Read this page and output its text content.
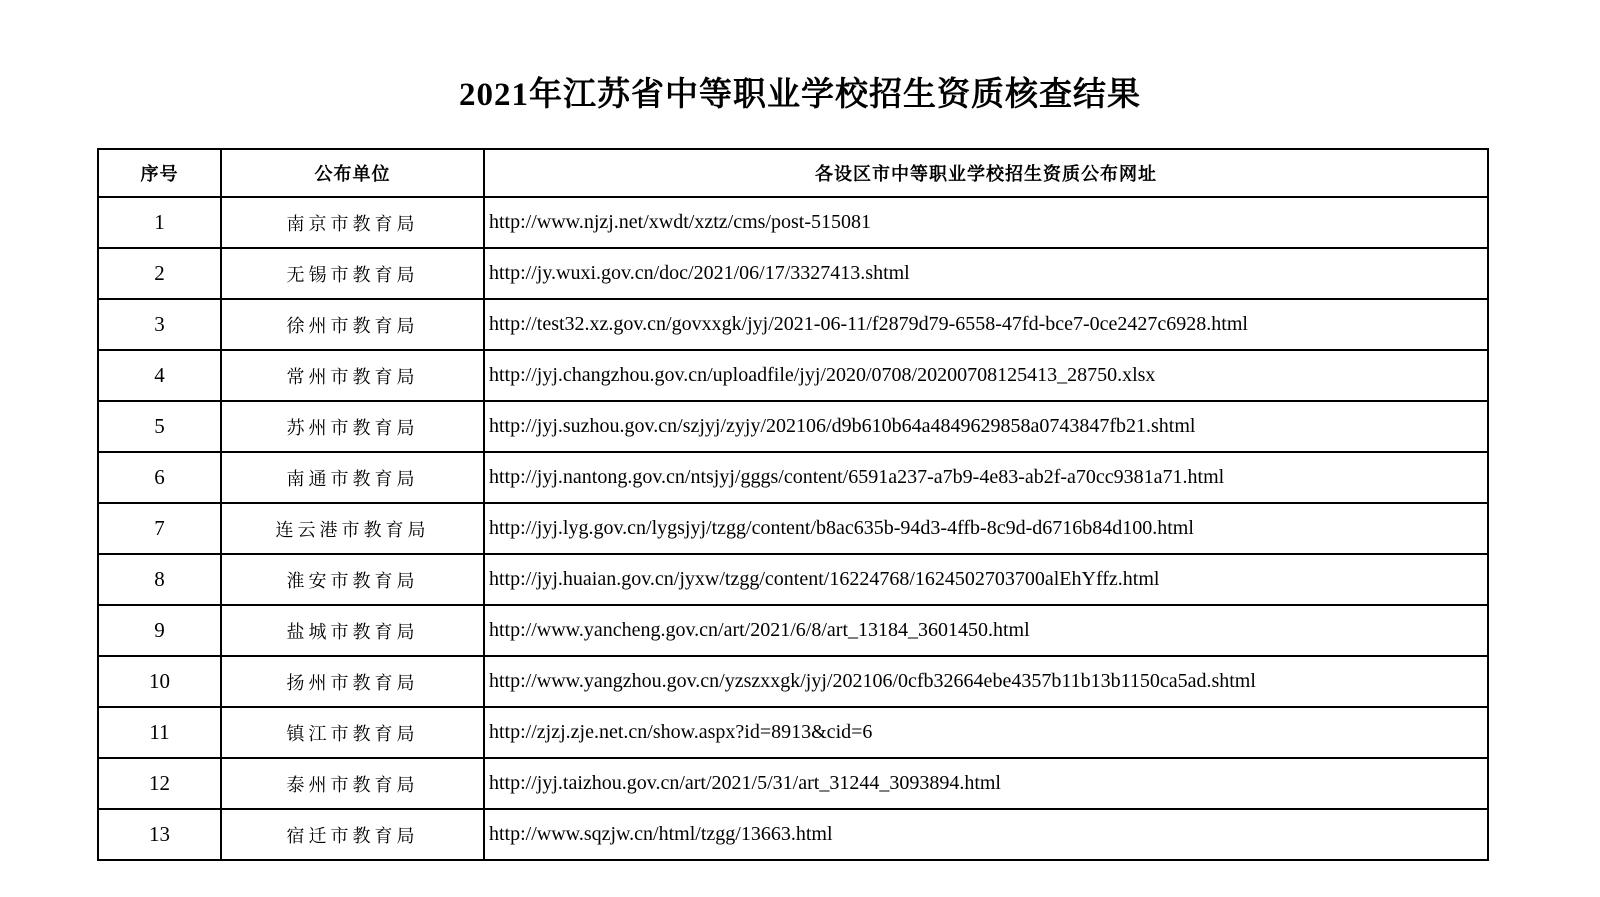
2021年江苏省中等职业学校招生资质核查结果
序号	公布单位	各设区市中等职业学校招生资质公布网址
1	南京市教育局	http://www.njzj.net/xwdt/xztz/cms/post-515081
2	无锡市教育局	http://jy.wuxi.gov.cn/doc/2021/06/17/3327413.shtml
3	徐州市教育局	http://test32.xz.gov.cn/govxxgk/jyj/2021-06-11/f2879d79-6558-47fd-bce7-0ce2427c6928.html
4	常州市教育局	http://jyj.changzhou.gov.cn/uploadfile/jyj/2020/0708/20200708125413_28750.xlsx
5	苏州市教育局	http://jyj.suzhou.gov.cn/szjyj/zyjy/202106/d9b610b64a4849629858a0743847fb21.shtml
6	南通市教育局	http://jyj.nantong.gov.cn/ntsjyj/gggs/content/6591a237-a7b9-4e83-ab2f-a70cc9381a71.html
7	连云港市教育局	http://jyj.lyg.gov.cn/lygsjyj/tzgg/content/b8ac635b-94d3-4ffb-8c9d-d6716b84d100.html
8	淮安市教育局	http://jyj.huaian.gov.cn/jyxw/tzgg/content/16224768/1624502703700alEhYffz.html
9	盐城市教育局	http://www.yancheng.gov.cn/art/2021/6/8/art_13184_3601450.html
10	扬州市教育局	http://www.yangzhou.gov.cn/yzszxxgk/jyj/202106/0cfb32664ebe4357b11b13b1150ca5ad.shtml
11	镇江市教育局	http://zjzj.zje.net.cn/show.aspx?id=8913&cid=6
12	泰州市教育局	http://jyj.taizhou.gov.cn/art/2021/5/31/art_31244_3093894.html
13	宿迁市教育局	http://www.sqzjw.cn/html/tzgg/13663.html
